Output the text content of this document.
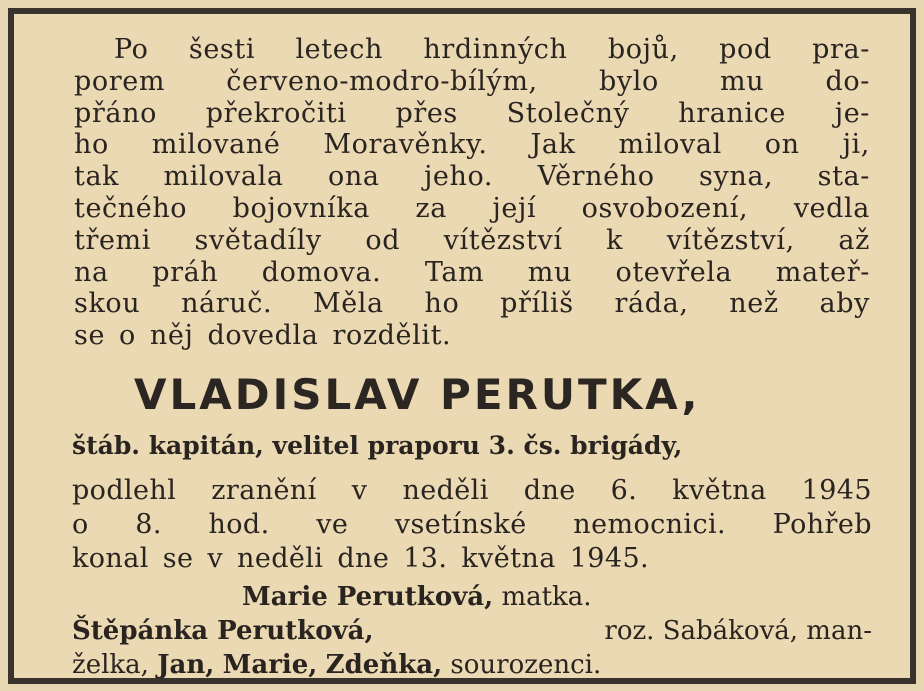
Po šesti letech hrdinných bojů, pod pra-
porem červeno-modro-bílým, bylo mu do-
přáno překročiti přes Stolečný hranice je-
ho milované Moravěnky. Jak miloval on ji,
tak milovala ona jeho. Věrného syna, sta-
tečného bojovníka za její osvobození, vedla
třemi světadíly od vítězství k vítězství, až
na práh domova. Tam mu otevřela mateř-
skou náruč. Měla ho příliš ráda, než aby
se o něj dovedla rozdělit.
VLADISLAV PERUTKA,
štáb. kapitán, velitel praporu 3. čs. brigády,
podlehl zranění v neděli dne 6. května 1945
o 8. hod. ve vsetínské nemocnici. Pohřeb
konal se v neděli dne 13. května 1945.
Marie Perutková, matka.
Štěpánka Perutková,	roz. Sabáková, man-
želka, Jan, Marie, Zdeňka, sourozenci.
